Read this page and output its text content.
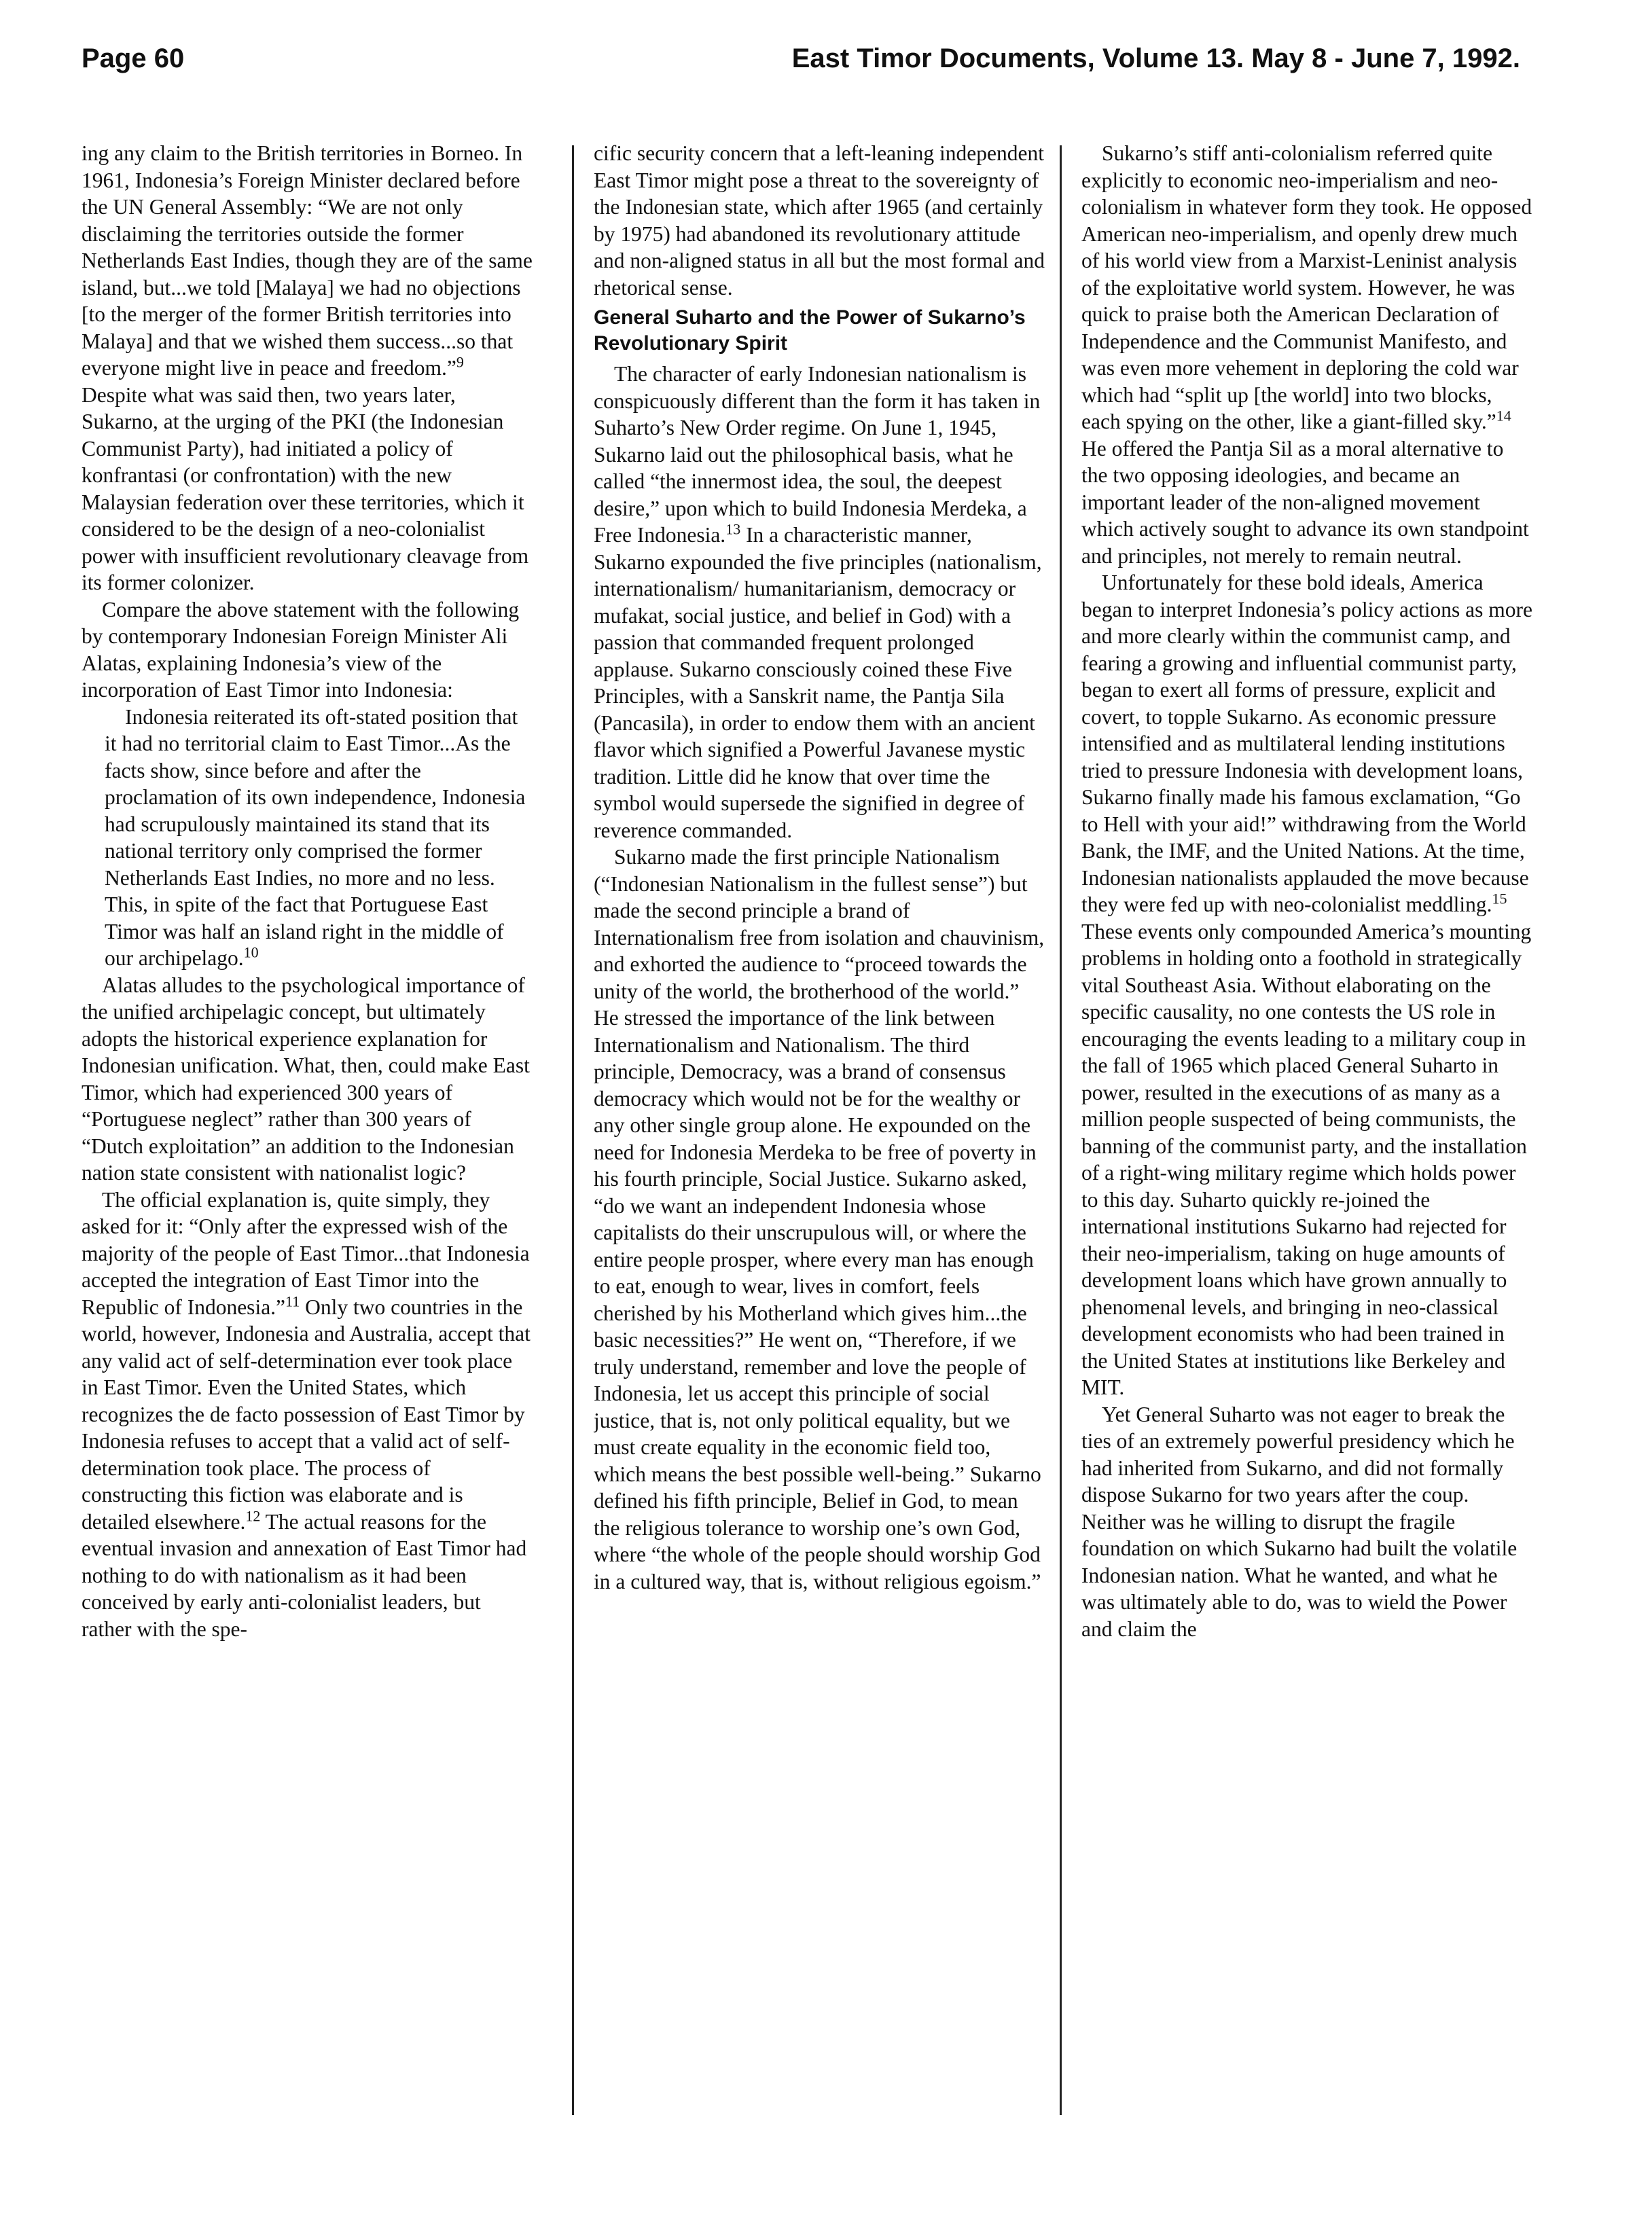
Page 60	East Timor Documents, Volume 13. May 8 - June 7, 1992.

ing any claim to the British territories in Borneo. In 1961, Indonesia’s Foreign Minister declared before the UN General Assembly: “We are not only disclaiming the territories outside the former Netherlands East Indies, though they are of the same island, but...we told [Malaya] we had no objections [to the merger of the former British territories into Malaya] and that we wished them success...so that everyone might live in peace and freedom.”$^9$ Despite what was said then, two years later, Sukarno, at the urging of the PKI (the Indonesian Communist Party), had initiated a policy of konfrantasi (or confrontation) with the new Malaysian federation over these territories, which it considered to be the design of a neo-colonialist power with insufficient revolutionary cleavage from its former colonizer.

Compare the above statement with the following by contemporary Indonesian Foreign Minister Ali Alatas, explaining Indonesia’s view of the incorporation of East Timor into Indonesia:

Indonesia reiterated its oft-stated position that it had no territorial claim to East Timor...As the facts show, since before and after the proclamation of its own independence, Indonesia had scrupulously maintained its stand that its national territory only comprised the former Netherlands East Indies, no more and no less. This, in spite of the fact that Portuguese East Timor was half an island right in the middle of our archipelago.$^{10}$

Alatas alludes to the psychological importance of the unified archipelagic concept, but ultimately adopts the historical experience explanation for Indonesian unification. What, then, could make East Timor, which had experienced 300 years of “Portuguese neglect” rather than 300 years of “Dutch exploitation” an addition to the Indonesian nation state consistent with nationalist logic?

The official explanation is, quite simply, they asked for it: “Only after the expressed wish of the majority of the people of East Timor...that Indonesia accepted the integration of East Timor into the Republic of Indonesia.”$^{11}$ Only two countries in the world, however, Indonesia and Australia, accept that any valid act of self-determination ever took place in East Timor. Even the United States, which recognizes the de facto possession of East Timor by Indonesia refuses to accept that a valid act of self-determination took place. The process of constructing this fiction was elaborate and is detailed elsewhere.$^{12}$ The actual reasons for the eventual invasion and annexation of East Timor had nothing to do with nationalism as it had been conceived by early anti-colonialist leaders, but rather with the spe-

cific security concern that a left-leaning independent East Timor might pose a threat to the sovereignty of the Indonesian state, which after 1965 (and certainly by 1975) had abandoned its revolutionary attitude and non-aligned status in all but the most formal and rhetorical sense.

General Suharto and the Power of Sukarno’s Revolutionary Spirit

The character of early Indonesian nationalism is conspicuously different than the form it has taken in Suharto’s New Order regime. On June 1, 1945, Sukarno laid out the philosophical basis, what he called “the innermost idea, the soul, the deepest desire,” upon which to build Indonesia Merdeka, a Free Indonesia.$^{13}$ In a characteristic manner, Sukarno expounded the five principles (nationalism, internationalism/ humanitarianism, democracy or mufakat, social justice, and belief in God) with a passion that commanded frequent prolonged applause. Sukarno consciously coined these Five Principles, with a Sanskrit name, the Pantja Sila (Pancasila), in order to endow them with an ancient flavor which signified a Powerful Javanese mystic tradition. Little did he know that over time the symbol would supersede the signified in degree of reverence commanded.

Sukarno made the first principle Nationalism (“Indonesian Nationalism in the fullest sense”) but made the second principle a brand of Internationalism free from isolation and chauvinism, and exhorted the audience to “proceed towards the unity of the world, the brotherhood of the world.” He stressed the importance of the link between Internationalism and Nationalism. The third principle, Democracy, was a brand of consensus democracy which would not be for the wealthy or any other single group alone. He expounded on the need for Indonesia Merdeka to be free of poverty in his fourth principle, Social Justice. Sukarno asked, “do we want an independent Indonesia whose capitalists do their unscrupulous will, or where the entire people prosper, where every man has enough to eat, enough to wear, lives in comfort, feels cherished by his Motherland which gives him...the basic necessities?” He went on, “Therefore, if we truly understand, remember and love the people of Indonesia, let us accept this principle of social justice, that is, not only political equality, but we must create equality in the economic field too, which means the best possible well-being.” Sukarno defined his fifth principle, Belief in God, to mean the religious tolerance to worship one’s own God, where “the whole of the people should worship God in a cultured way, that is, without religious egoism.”

Sukarno’s stiff anti-colonialism referred quite explicitly to economic neo-imperialism and neo-colonialism in whatever form they took. He opposed American neo-imperialism, and openly drew much of his world view from a Marxist-Leninist analysis of the exploitative world system. However, he was quick to praise both the American Declaration of Independence and the Communist Manifesto, and was even more vehement in deploring the cold war which had “split up [the world] into two blocks, each spying on the other, like a giant-filled sky.”$^{14}$ He offered the Pantja Sil as a moral alternative to the two opposing ideologies, and became an important leader of the non-aligned movement which actively sought to advance its own standpoint and principles, not merely to remain neutral.

Unfortunately for these bold ideals, America began to interpret Indonesia’s policy actions as more and more clearly within the communist camp, and fearing a growing and influential communist party, began to exert all forms of pressure, explicit and covert, to topple Sukarno. As economic pressure intensified and as multilateral lending institutions tried to pressure Indonesia with development loans, Sukarno finally made his famous exclamation, “Go to Hell with your aid!” withdrawing from the World Bank, the IMF, and the United Nations. At the time, Indonesian nationalists applauded the move because they were fed up with neo-colonialist meddling.$^{15}$ These events only compounded America’s mounting problems in holding onto a foothold in strategically vital Southeast Asia. Without elaborating on the specific causality, no one contests the US role in encouraging the events leading to a military coup in the fall of 1965 which placed General Suharto in power, resulted in the executions of as many as a million people suspected of being communists, the banning of the communist party, and the installation of a right-wing military regime which holds power to this day. Suharto quickly re-joined the international institutions Sukarno had rejected for their neo-imperialism, taking on huge amounts of development loans which have grown annually to phenomenal levels, and bringing in neo-classical development economists who had been trained in the United States at institutions like Berkeley and MIT.

Yet General Suharto was not eager to break the ties of an extremely powerful presidency which he had inherited from Sukarno, and did not formally dispose Sukarno for two years after the coup. Neither was he willing to disrupt the fragile foundation on which Sukarno had built the volatile Indonesian nation. What he wanted, and what he was ultimately able to do, was to wield the Power and claim the
